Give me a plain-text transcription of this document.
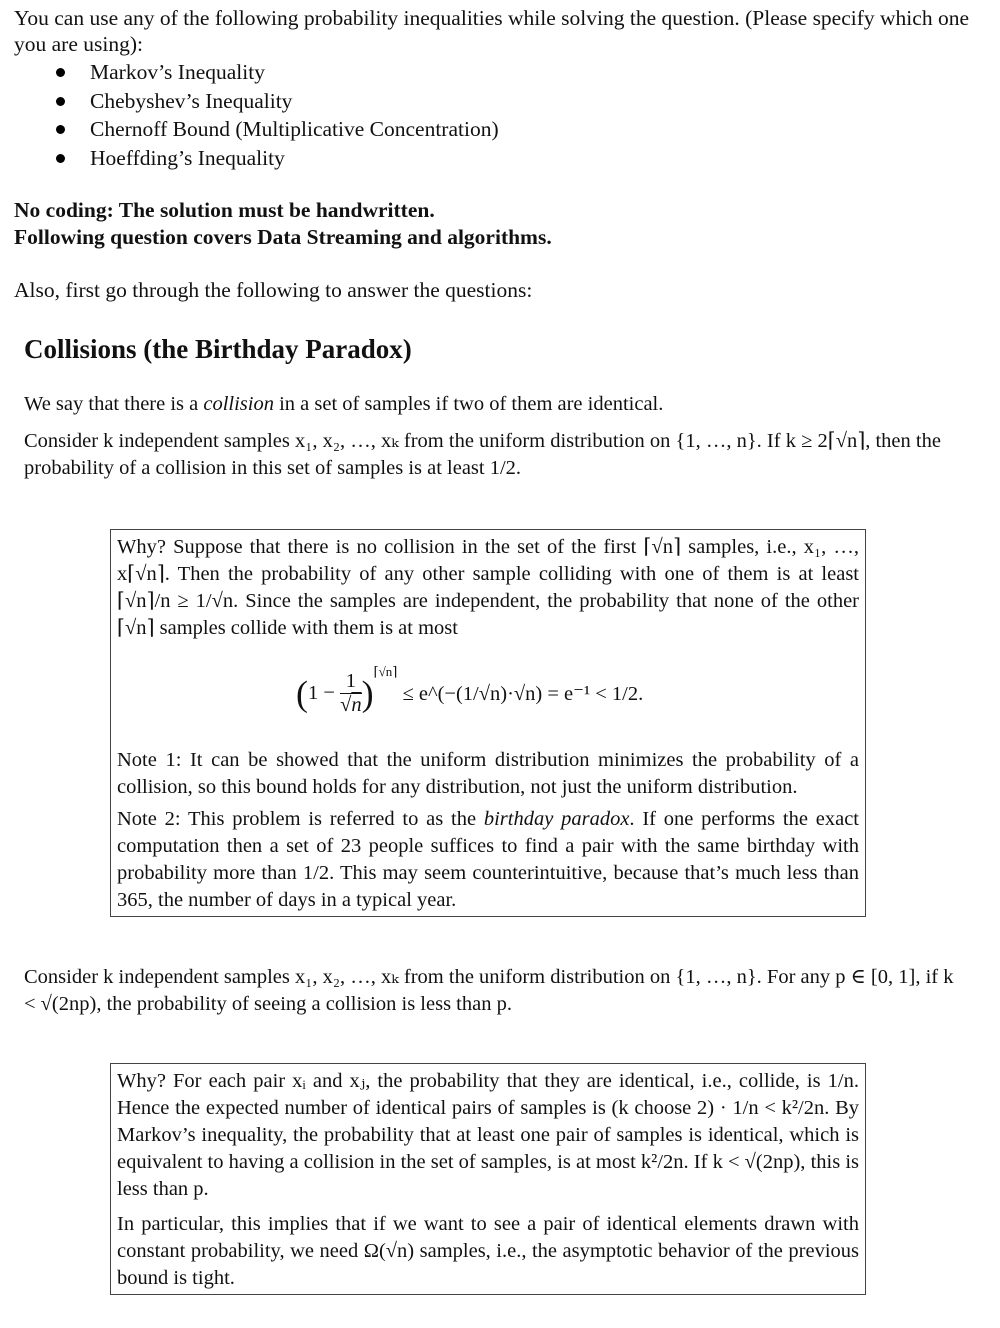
You can use any of the following probability inequalities while solving the question. (Please specify which one you are using):
Markov’s Inequality
Chebyshev’s Inequality
Chernoff Bound (Multiplicative Concentration)
Hoeffding’s Inequality
No coding: The solution must be handwritten.
Following question covers Data Streaming and algorithms.
Also, first go through the following to answer the questions:
Collisions (the Birthday Paradox)
We say that there is a collision in a set of samples if two of them are identical.
Consider k independent samples x₁, x₂, …, xₖ from the uniform distribution on {1, …, n}. If k ≥ 2⌈√n⌉, then the probability of a collision in this set of samples is at least 1/2.
Why? Suppose that there is no collision in the set of the first ⌈√n⌉ samples, i.e., x₁, …, x⌈√n⌉. Then the probability of any other sample colliding with one of them is at least ⌈√n⌉/n ≥ 1/√n. Since the samples are independent, the probability that none of the other ⌈√n⌉ samples collide with them is at most
$(1 - \frac{1}{√n} )^{⌈√n⌉}$ ≤ e^(−(1/√n)·√n) = e⁻¹ < 1/2.
Note 1: It can be showed that the uniform distribution minimizes the probability of a collision, so this bound holds for any distribution, not just the uniform distribution.
Note 2: This problem is referred to as the birthday paradox. If one performs the exact computation then a set of 23 people suffices to find a pair with the same birthday with probability more than 1/2. This may seem counterintuitive, because that’s much less than 365, the number of days in a typical year.
Consider k independent samples x₁, x₂, …, xₖ from the uniform distribution on {1, …, n}. For any p ∈ [0, 1], if k < √(2np), the probability of seeing a collision is less than p.
Why? For each pair xᵢ and xⱼ, the probability that they are identical, i.e., collide, is 1/n. Hence the expected number of identical pairs of samples is (k choose 2) · 1/n < k²/2n. By Markov’s inequality, the probability that at least one pair of samples is identical, which is equivalent to having a collision in the set of samples, is at most k²/2n. If k < √(2np), this is less than p.
In particular, this implies that if we want to see a pair of identical elements drawn with constant probability, we need Ω(√n) samples, i.e., the asymptotic behavior of the previous bound is tight.
